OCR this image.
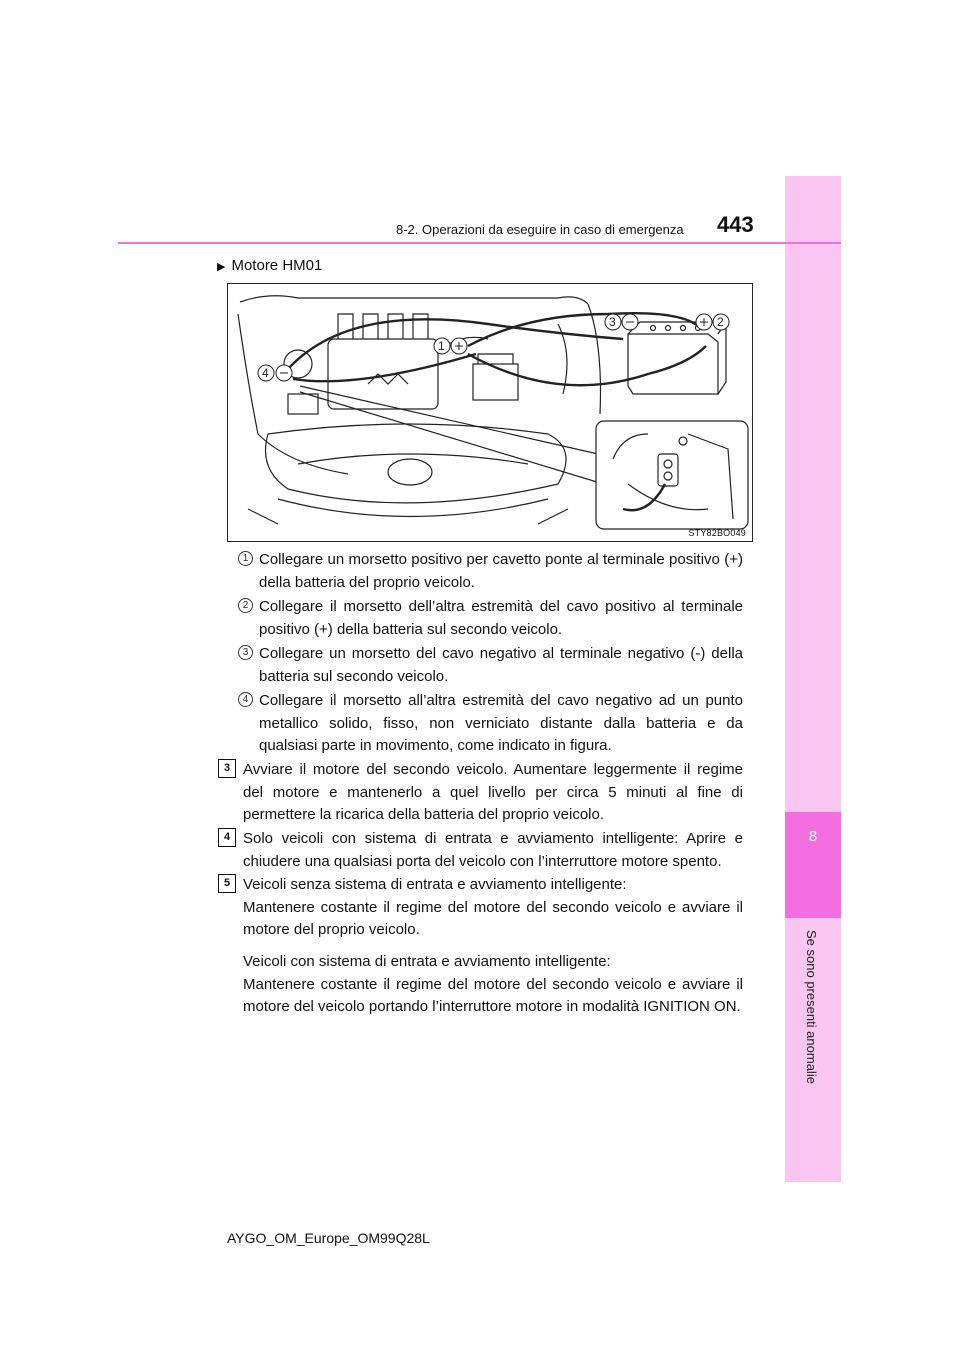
8
Se sono presenti anomalie
8-2. Operazioni da eseguire in caso di emergenza 443
▶ Motore HM01
1
3	2
4
STY82BO049
1 Collegare un morsetto positivo per cavetto ponte al terminale positivo (+) della batteria del proprio veicolo.
2 Collegare il morsetto dell’altra estremità del cavo positivo al terminale positivo (+) della batteria sul secondo veicolo.
3 Collegare un morsetto del cavo negativo al terminale negativo (-) della batteria sul secondo veicolo.
4 Collegare il morsetto all’altra estremità del cavo negativo ad un punto metallico solido, fisso, non verniciato distante dalla batteria e da qualsiasi parte in movimento, come indicato in figura.
3 Avviare il motore del secondo veicolo. Aumentare leggermente il regime del motore e mantenerlo a quel livello per circa 5 minuti al fine di permettere la ricarica della batteria del proprio veicolo.
4 Solo veicoli con sistema di entrata e avviamento intelligente: Aprire e chiudere una qualsiasi porta del veicolo con l’interruttore motore spento.
5 Veicoli senza sistema di entrata e avviamento intelligente:
Mantenere costante il regime del motore del secondo veicolo e avviare il motore del proprio veicolo.
Veicoli con sistema di entrata e avviamento intelligente:
Mantenere costante il regime del motore del secondo veicolo e avviare il motore del veicolo portando l’interruttore motore in modalità IGNITION ON.
AYGO_OM_Europe_OM99Q28L
